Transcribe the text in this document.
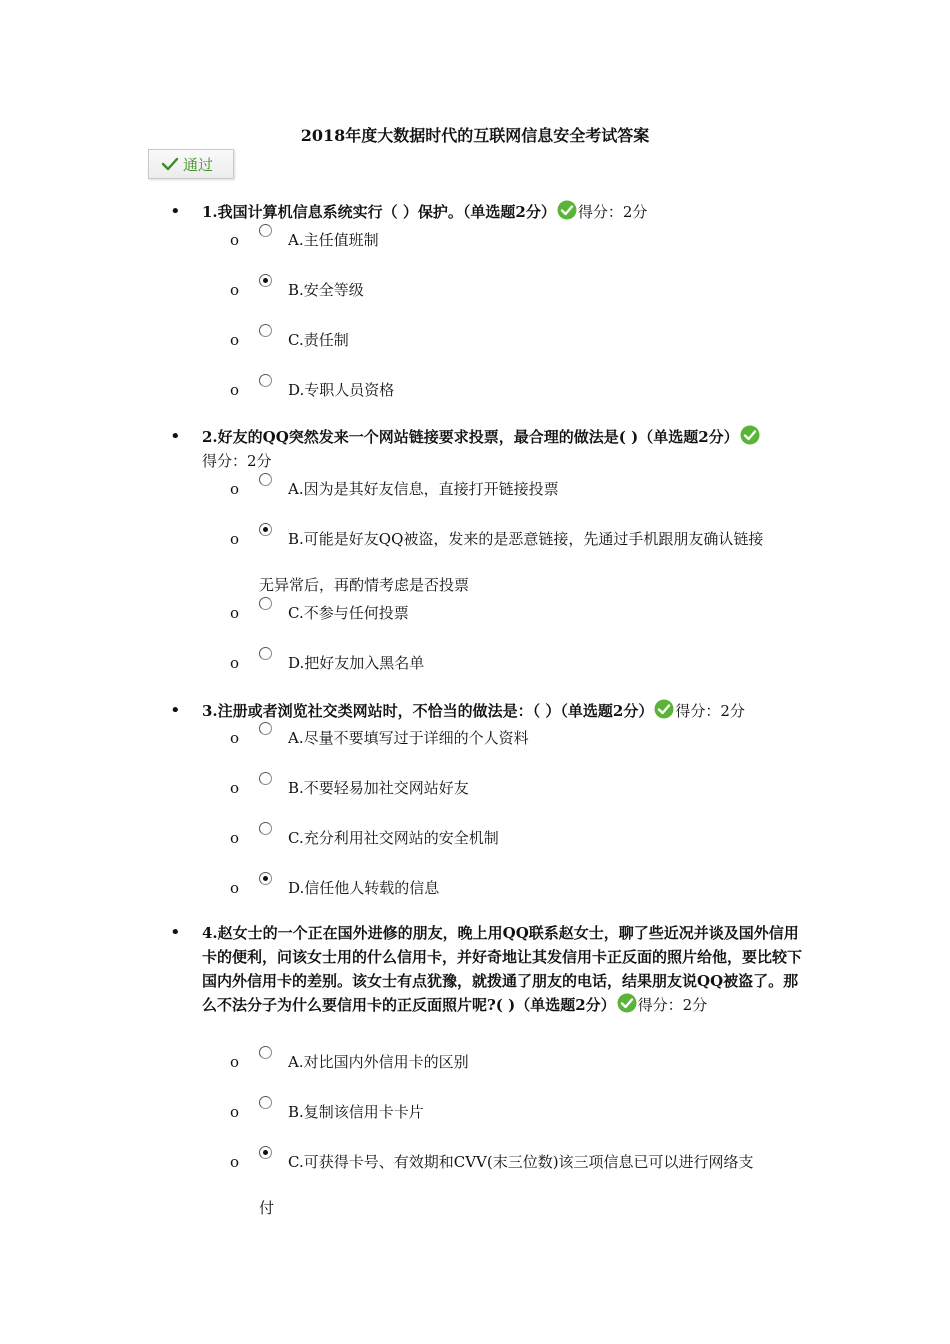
2018年度大数据时代的互联网信息安全考试答案
通过
• 1.我国计算机信息系统实行（ ）保护。（单选题2分） 得分：2分
o	A.主任值班制
o	B.安全等级
o	C.责任制
o	D.专职人员资格
• 2.好友的QQ突然发来一个网站链接要求投票，最合理的做法是( )（单选题2分）
得分：2分
o	A.因为是其好友信息，直接打开链接投票
o	B.可能是好友QQ被盗，发来的是恶意链接，先通过手机跟朋友确认链接
无异常后，再酌情考虑是否投票
o	C.不参与任何投票
o	D.把好友加入黑名单
• 3.注册或者浏览社交类网站时，不恰当的做法是：（ ）（单选题2分） 得分：2分
o	A.尽量不要填写过于详细的个人资料
o	B.不要轻易加社交网站好友
o	C.充分利用社交网站的安全机制
o	D.信任他人转载的信息
• 4.赵女士的一个正在国外进修的朋友，晚上用QQ联系赵女士，聊了些近况并谈及国外信用卡的便利，问该女士用的什么信用卡，并好奇地让其发信用卡正反面的照片给他，要比较下国内外信用卡的差别。该女士有点犹豫，就拨通了朋友的电话，结果朋友说QQ被盗了。那么不法分子为什么要信用卡的正反面照片呢?( )（单选题2分） 得分：2分
o	A.对比国内外信用卡的区别
o	B.复制该信用卡卡片
o	C.可获得卡号、有效期和CVV(末三位数)该三项信息已可以进行网络支
付
